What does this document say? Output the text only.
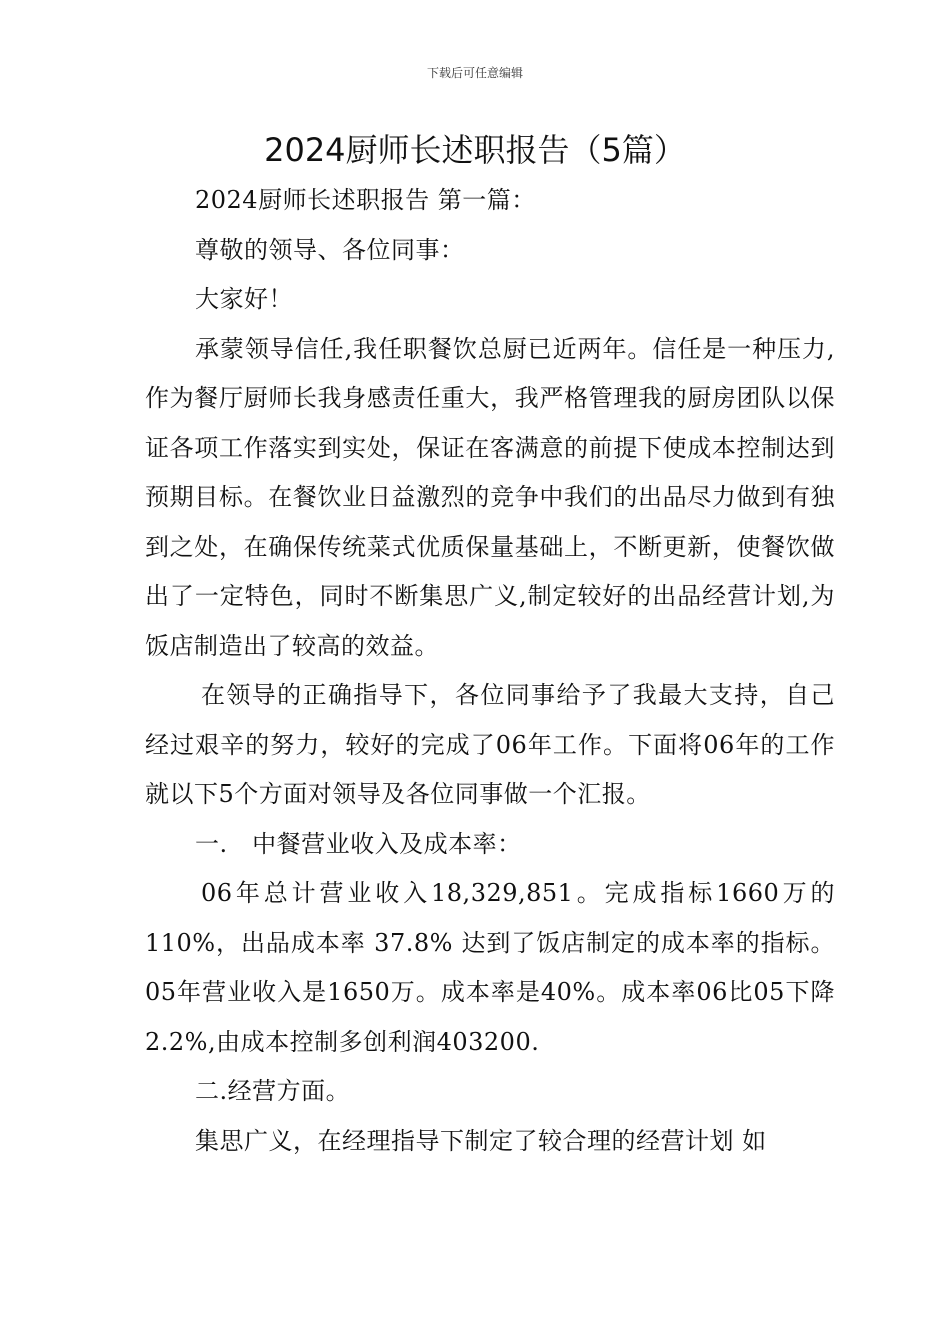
下载后可任意编辑
2024厨师长述职报告（5篇）

2024厨师长述职报告 第一篇：

尊敬的领导、各位同事：

大家好！

承蒙领导信任,我任职餐饮总厨已近两年。信任是一种压力,作为餐厅厨师长我身感责任重大，我严格管理我的厨房团队以保证各项工作落实到实处，保证在客满意的前提下使成本控制达到预期目标。在餐饮业日益激烈的竞争中我们的出品尽力做到有独到之处，在确保传统菜式优质保量基础上，不断更新，使餐饮做出了一定特色，同时不断集思广义,制定较好的出品经营计划,为饭店制造出了较高的效益。

在领导的正确指导下，各位同事给予了我最大支持，自己经过艰辛的努力，较好的完成了06年工作。下面将06年的工作就以下5个方面对领导及各位同事做一个汇报。

一.　中餐营业收入及成本率：

06年总计营业收入18,329,851。完成指标1660万的110%，出品成本率 37.8% 达到了饭店制定的成本率的指标。05年营业收入是1650万。成本率是40%。成本率06比05下降2.2%,由成本控制多创利润403200.

二.经营方面。

集思广义，在经理指导下制定了较合理的经营计划 如
